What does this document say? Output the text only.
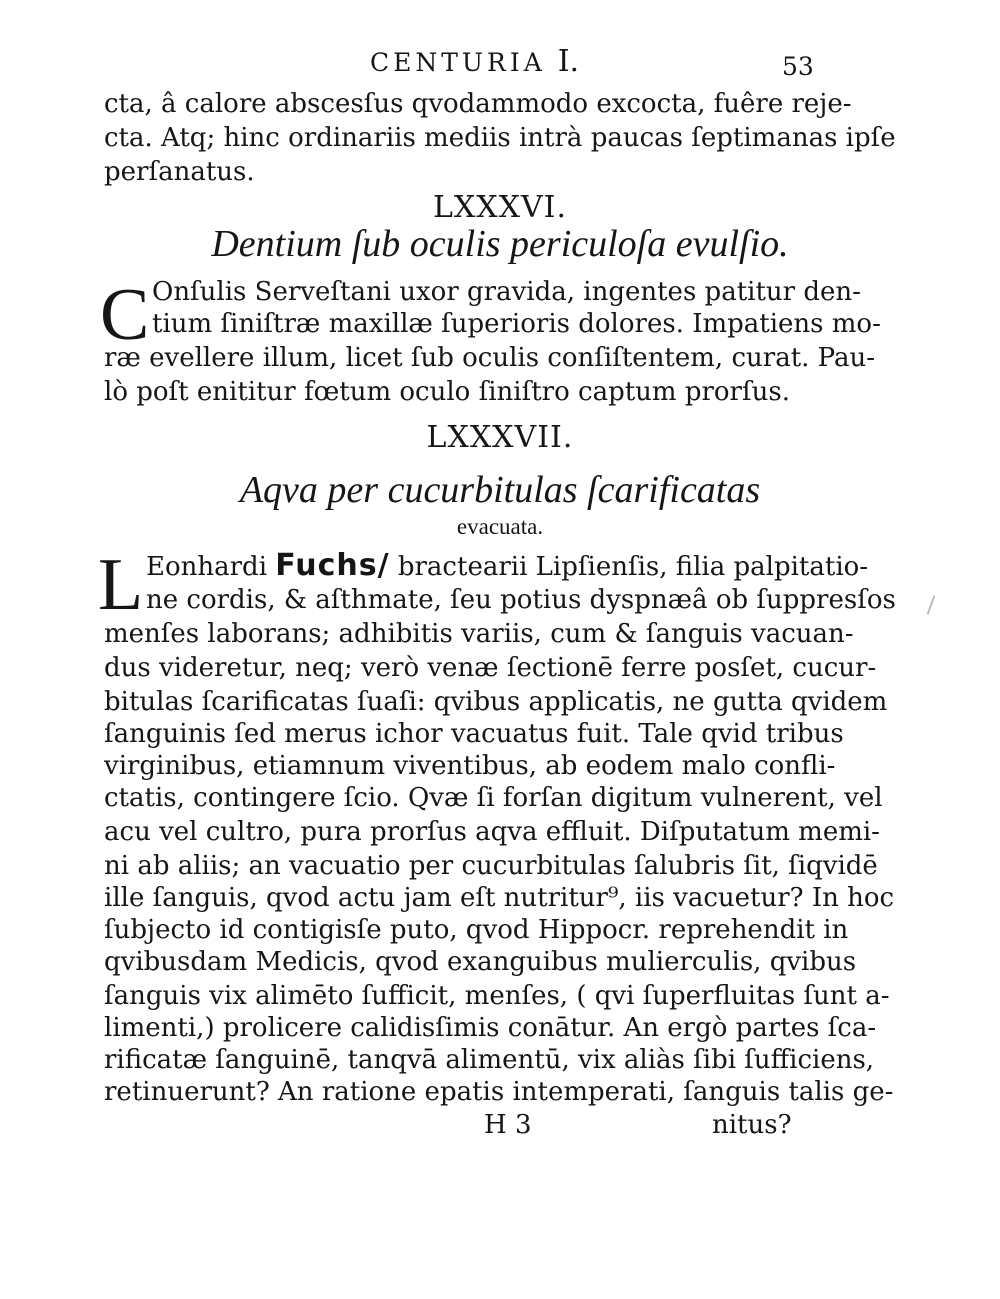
CENTURIA I.	53
cta, â calore abscesſus qvodammodo excocta, fuêre reje-
cta. Atq; hinc ordinariis mediis intrà paucas ſeptimanas ipſe
perſanatus.
LXXXVI.
Dentium ſub oculis periculoſa evulſio.
C Onſulis Serveſtani uxor gravida, ingentes patitur den-
tium ſiniſtræ maxillæ ſuperioris dolores. Impatiens mo-
ræ evellere illum, licet ſub oculis conſiſtentem, curat. Pau-
lò poſt enititur fœtum oculo ſiniſtro captum prorſus.
LXXXVII.
Aqva per cucurbitulas ſcarificatas
evacuata.
L Eonhardi Fuchs/ bractearii Lipſienſis, filia palpitatio-
ne cordis, & aſthmate, ſeu potius dyspnæâ ob ſuppresſos
menſes laborans; adhibitis variis, cum & ſanguis vacuan-
dus videretur, neq; verò venæ ſectionē ferre posſet, cucur-
bitulas ſcarificatas ſuaſi: qvibus applicatis, ne gutta qvidem
ſanguinis ſed merus ichor vacuatus fuit. Tale qvid tribus
virginibus, etiamnum viventibus, ab eodem malo confli-
ctatis, contingere ſcio. Qvæ ſi forſan digitum vulnerent, vel
acu vel cultro, pura prorſus aqva effluit. Diſputatum memi-
ni ab aliis; an vacuatio per cucurbitulas ſalubris ſit, ſiqvidē
ille ſanguis, qvod actu jam eſt nutritur⁹, iis vacuetur? In hoc
ſubjecto id contigisſe puto, qvod Hippocr. reprehendit in
qvibusdam Medicis, qvod exanguibus mulierculis, qvibus
ſanguis vix alimēto ſufficit, menſes, ( qvi ſuperfluitas ſunt a-
limenti,) prolicere calidisſimis conātur. An ergò partes ſca-
rificatæ ſanguinē, tanqvā alimentū, vix aliàs ſibi ſufficiens,
retinuerunt? An ratione epatis intemperati, ſanguis talis ge-
H 3	nitus?
